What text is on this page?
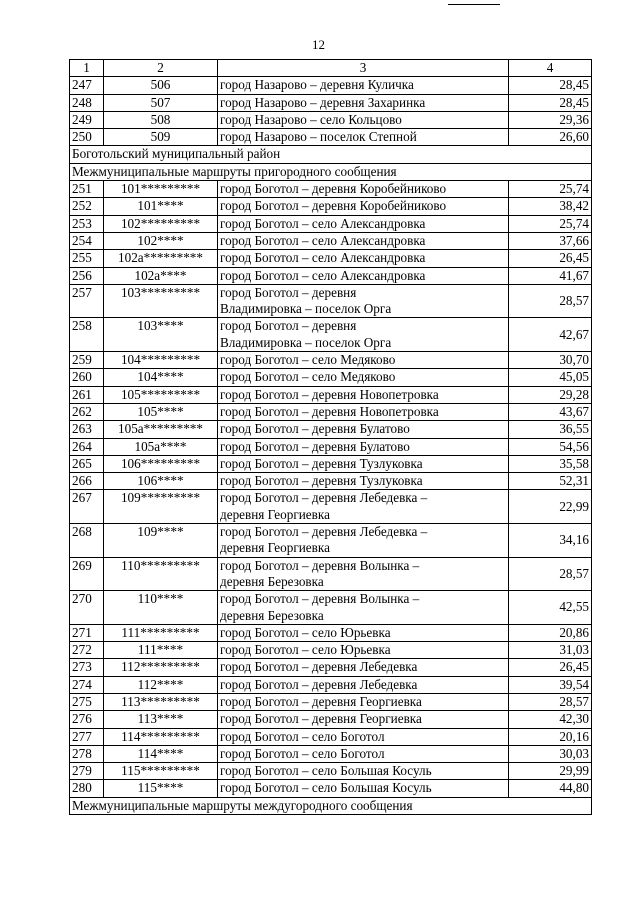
12
1	2	3	4
247	506	город Назарово – деревня Куличка	28,45
248	507	город Назарово – деревня Захаринка	28,45
249	508	город Назарово – село Кольцово	29,36
250	509	город Назарово – поселок Степной	26,60
Боготольский муниципальный район			
Межмуниципальные маршруты пригородного сообщения			
251	101*********	город Боготол – деревня Коробейниково	25,74
252	101****	город Боготол – деревня Коробейниково	38,42
253	102*********	город Боготол – село Александровка	25,74
254	102****	город Боготол – село Александровка	37,66
255	102а*********	город Боготол – село Александровка	26,45
256	102а****	город Боготол – село Александровка	41,67
257	103*********	город Боготол – деревня
Владимировка – поселок Орга	28,57
258	103****	город Боготол – деревня
Владимировка – поселок Орга	42,67
259	104*********	город Боготол – село Медяково	30,70
260	104****	город Боготол – село Медяково	45,05
261	105*********	город Боготол – деревня Новопетровка	29,28
262	105****	город Боготол – деревня Новопетровка	43,67
263	105а*********	город Боготол – деревня Булатово	36,55
264	105а****	город Боготол – деревня Булатово	54,56
265	106*********	город Боготол – деревня Тузлуковка	35,58
266	106****	город Боготол – деревня Тузлуковка	52,31
267	109*********	город Боготол – деревня Лебедевка –
деревня Георгиевка	22,99
268	109****	город Боготол – деревня Лебедевка –
деревня Георгиевка	34,16
269	110*********	город Боготол – деревня Волынка –
деревня Березовка	28,57
270	110****	город Боготол – деревня Волынка –
деревня Березовка	42,55
271	111*********	город Боготол – село Юрьевка	20,86
272	111****	город Боготол – село Юрьевка	31,03
273	112*********	город Боготол – деревня Лебедевка	26,45
274	112****	город Боготол – деревня Лебедевка	39,54
275	113*********	город Боготол – деревня Георгиевка	28,57
276	113****	город Боготол – деревня Георгиевка	42,30
277	114*********	город Боготол – село Боготол	20,16
278	114****	город Боготол – село Боготол	30,03
279	115*********	город Боготол – село Большая Косуль	29,99
280	115****	город Боготол – село Большая Косуль	44,80
Межмуниципальные маршруты междугородного сообщения			
